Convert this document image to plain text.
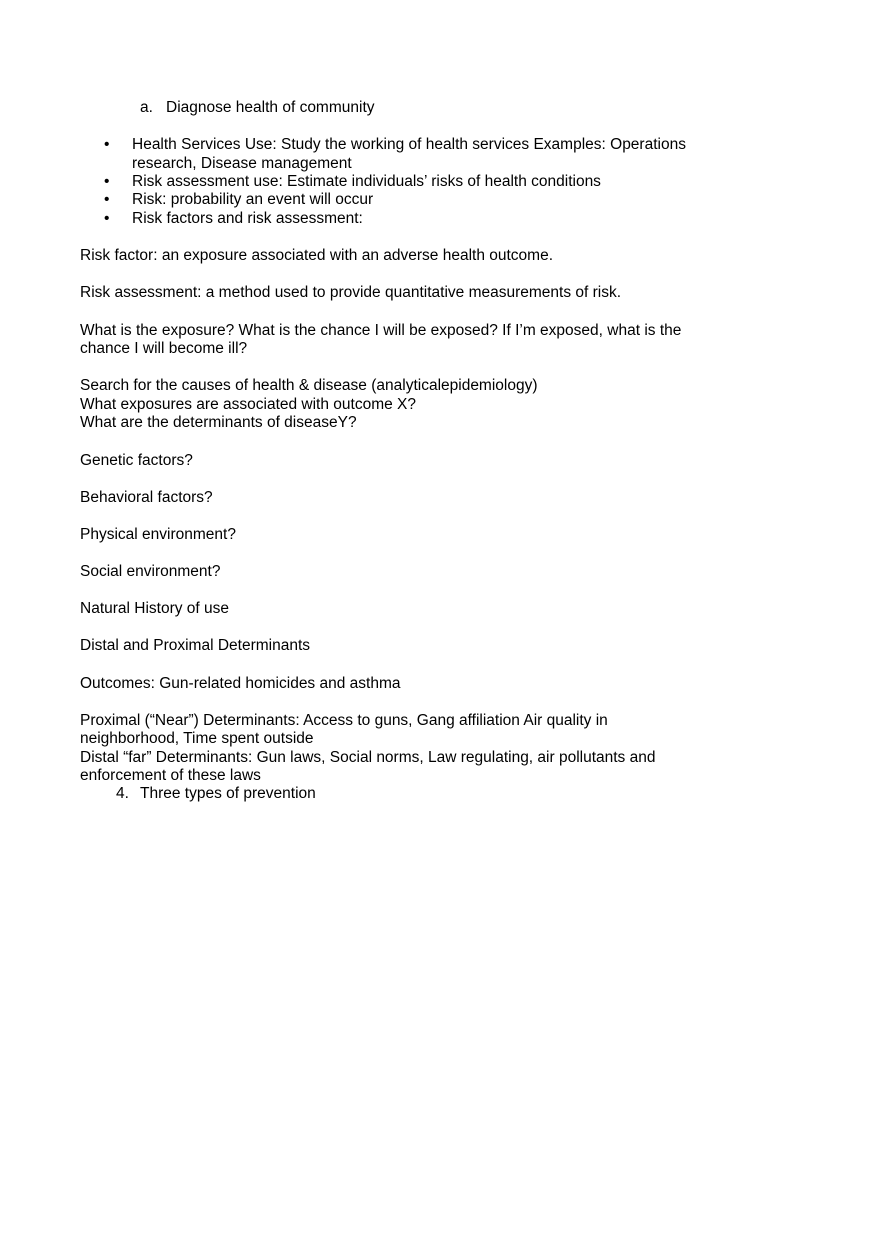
a. Diagnose health of community
• Health Services Use: Study the working of health services Examples: Operations
research, Disease management
• Risk assessment use: Estimate individuals’ risks of health conditions
• Risk: probability an event will occur
• Risk factors and risk assessment:
Risk factor: an exposure associated with an adverse health outcome.
Risk assessment: a method used to provide quantitative measurements of risk.
What is the exposure? What is the chance I will be exposed? If I’m exposed, what is the
chance I will become ill?
Search for the causes of health & disease (analyticalepidemiology)
What exposures are associated with outcome X?
What are the determinants of diseaseY?
Genetic factors?
Behavioral factors?
Physical environment?
Social environment?
Natural History of use
Distal and Proximal Determinants
Outcomes: Gun-related homicides and asthma
Proximal (“Near”) Determinants: Access to guns, Gang affiliation Air quality in
neighborhood, Time spent outside
Distal “far” Determinants: Gun laws, Social norms, Law regulating, air pollutants and
enforcement of these laws
4. Three types of prevention
